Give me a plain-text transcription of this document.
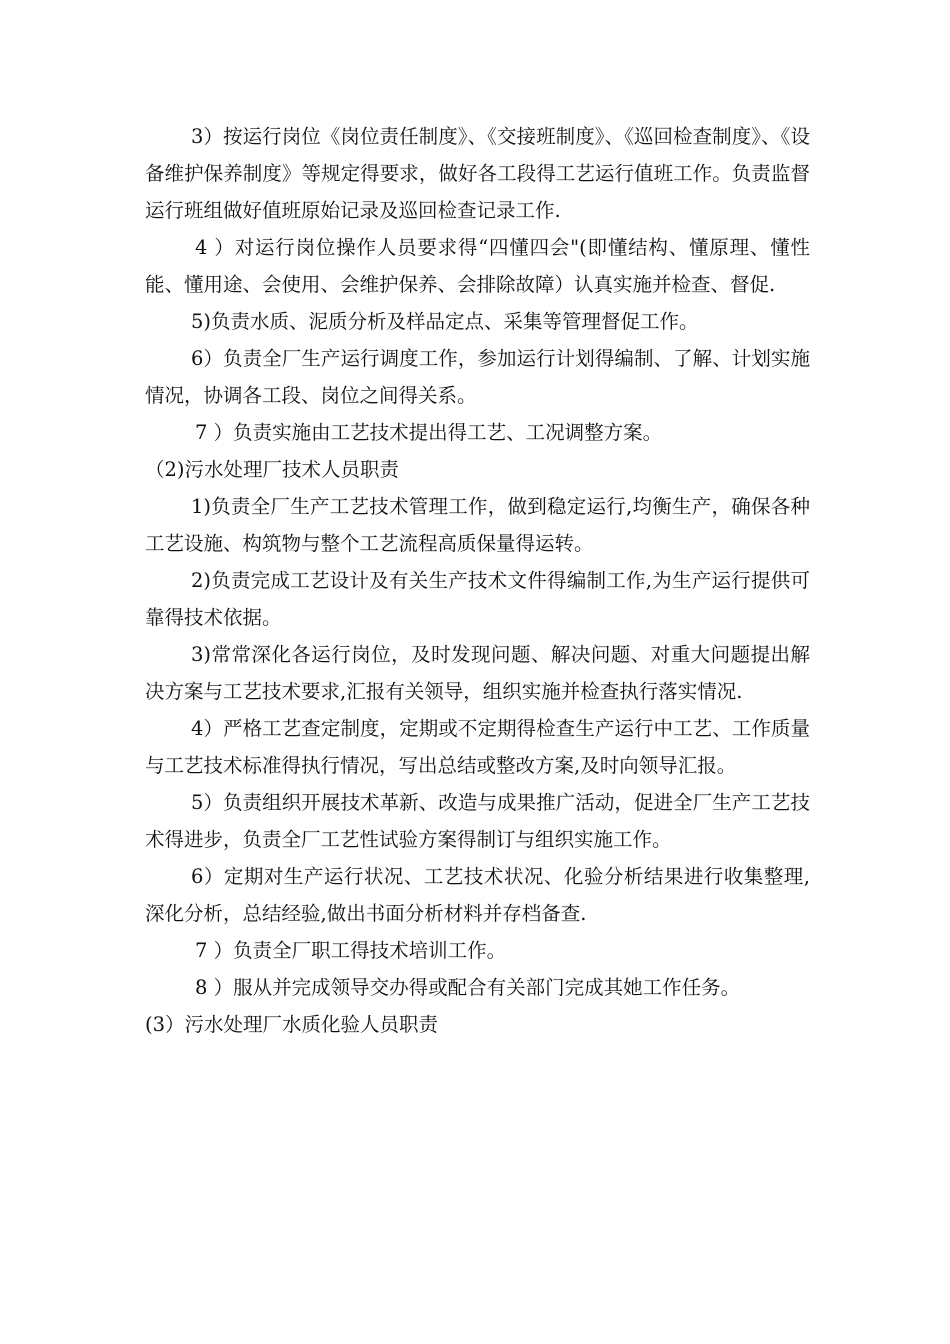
3）按运行岗位《岗位责任制度》、《交接班制度》、《巡回检查制度》、《设备维护保养制度》等规定得要求，做好各工段得工艺运行值班工作。负责监督运行班组做好值班原始记录及巡回检查记录工作.

4 ）对运行岗位操作人员要求得“四懂四会"(即懂结构、懂原理、懂性能、懂用途、会使用、会维护保养、会排除故障）认真实施并检查、督促.

5)负责水质、泥质分析及样品定点、采集等管理督促工作。

6）负责全厂生产运行调度工作，参加运行计划得编制、了解、计划实施情况，协调各工段、岗位之间得关系。

7 ）负责实施由工艺技术提出得工艺、工况调整方案。

（2)污水处理厂技术人员职责

1)负责全厂生产工艺技术管理工作，做到稳定运行,均衡生产，确保各种工艺设施、构筑物与整个工艺流程高质保量得运转。

2)负责完成工艺设计及有关生产技术文件得编制工作,为生产运行提供可靠得技术依据。

3)常常深化各运行岗位，及时发现问题、解决问题、对重大问题提出解决方案与工艺技术要求,汇报有关领导，组织实施并检查执行落实情况.

4）严格工艺查定制度，定期或不定期得检查生产运行中工艺、工作质量与工艺技术标准得执行情况，写出总结或整改方案,及时向领导汇报。

5）负责组织开展技术革新、改造与成果推广活动，促进全厂生产工艺技术得进步，负责全厂工艺性试验方案得制订与组织实施工作。

6）定期对生产运行状况、工艺技术状况、化验分析结果进行收集整理,深化分析，总结经验,做出书面分析材料并存档备查.

7 ）负责全厂职工得技术培训工作。

8 ）服从并完成领导交办得或配合有关部门完成其她工作任务。

(3）污水处理厂水质化验人员职责
